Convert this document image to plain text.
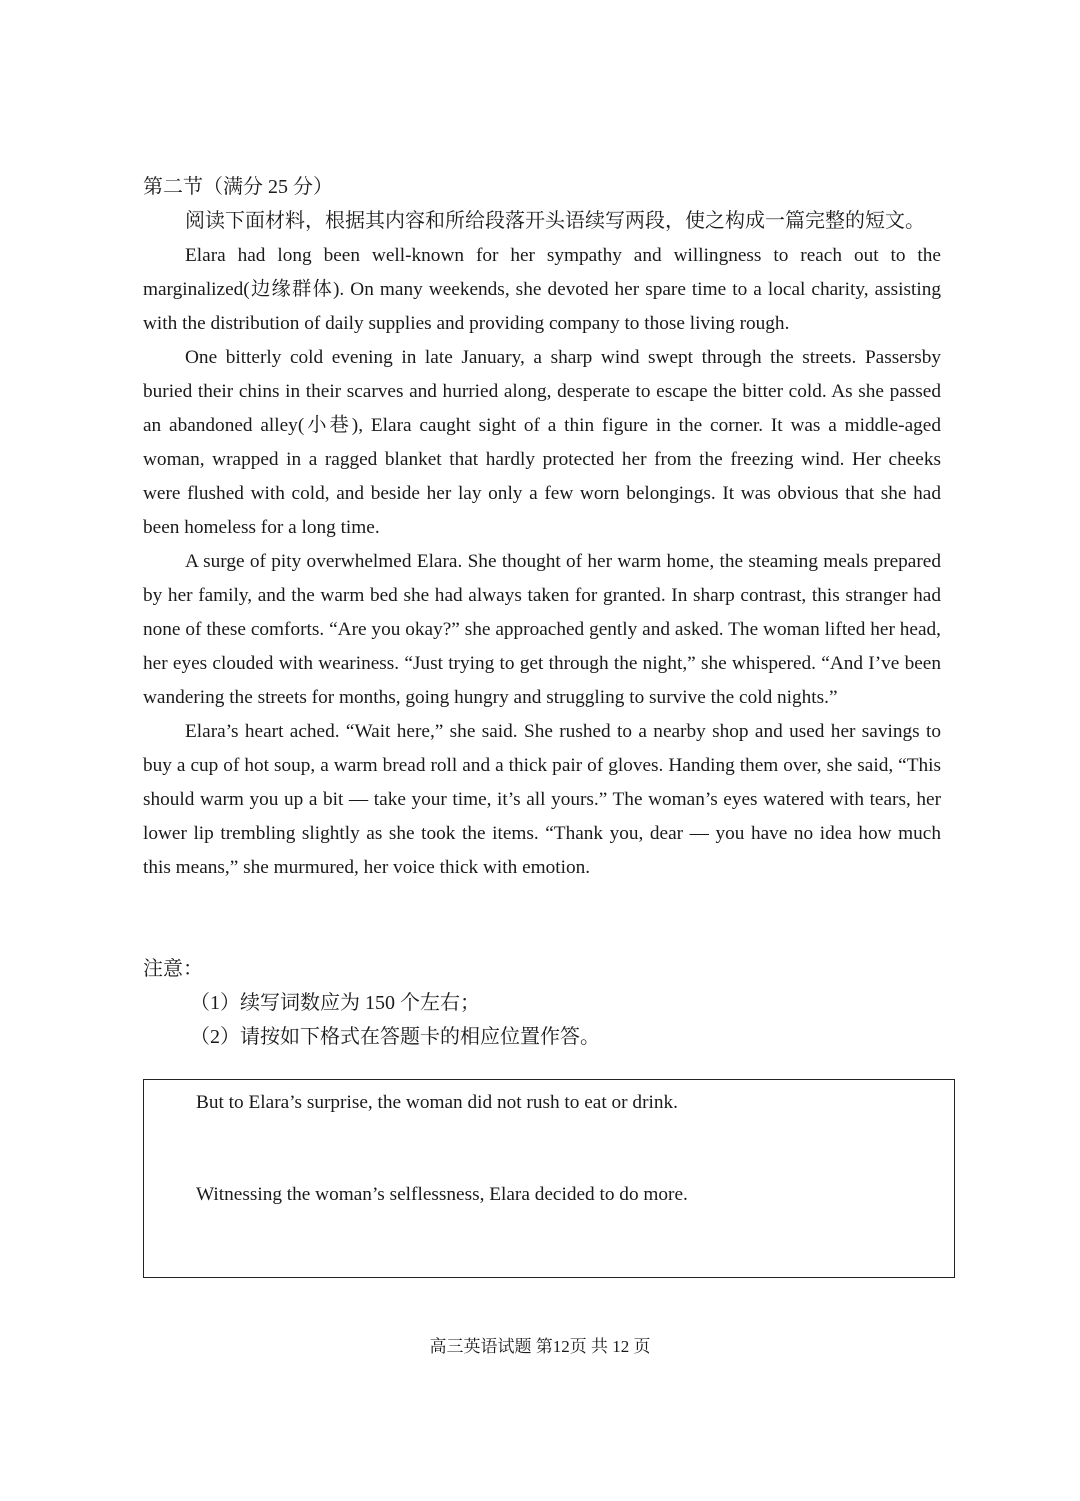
第二节（满分 25 分）
阅读下面材料，根据其内容和所给段落开头语续写两段，使之构成一篇完整的短文。

Elara had long been well-known for her sympathy and willingness to reach out to the marginalized(边缘群体). On many weekends, she devoted her spare time to a local charity, assisting with the distribution of daily supplies and providing company to those living rough.

One bitterly cold evening in late January, a sharp wind swept through the streets. Passersby buried their chins in their scarves and hurried along, desperate to escape the bitter cold. As she passed an abandoned alley(小巷), Elara caught sight of a thin figure in the corner. It was a middle-aged woman, wrapped in a ragged blanket that hardly protected her from the freezing wind. Her cheeks were flushed with cold, and beside her lay only a few worn belongings. It was obvious that she had been homeless for a long time.

A surge of pity overwhelmed Elara. She thought of her warm home, the steaming meals prepared by her family, and the warm bed she had always taken for granted. In sharp contrast, this stranger had none of these comforts. “Are you okay?” she approached gently and asked. The woman lifted her head, her eyes clouded with weariness. “Just trying to get through the night,” she whispered. “And I’ve been wandering the streets for months, going hungry and struggling to survive the cold nights.”

Elara’s heart ached. “Wait here,” she said. She rushed to a nearby shop and used her savings to buy a cup of hot soup, a warm bread roll and a thick pair of gloves. Handing them over, she said, “This should warm you up a bit — take your time, it’s all yours.” The woman’s eyes watered with tears, her lower lip trembling slightly as she took the items. “Thank you, dear — you have no idea how much this means,” she murmured, her voice thick with emotion.

注意：
（1）续写词数应为 150 个左右；
（2）请按如下格式在答题卡的相应位置作答。
But to Elara’s surprise, the woman did not rush to eat or drink.
Witnessing the woman’s selflessness, Elara decided to do more.
高三英语试题 第12页 共 12 页
